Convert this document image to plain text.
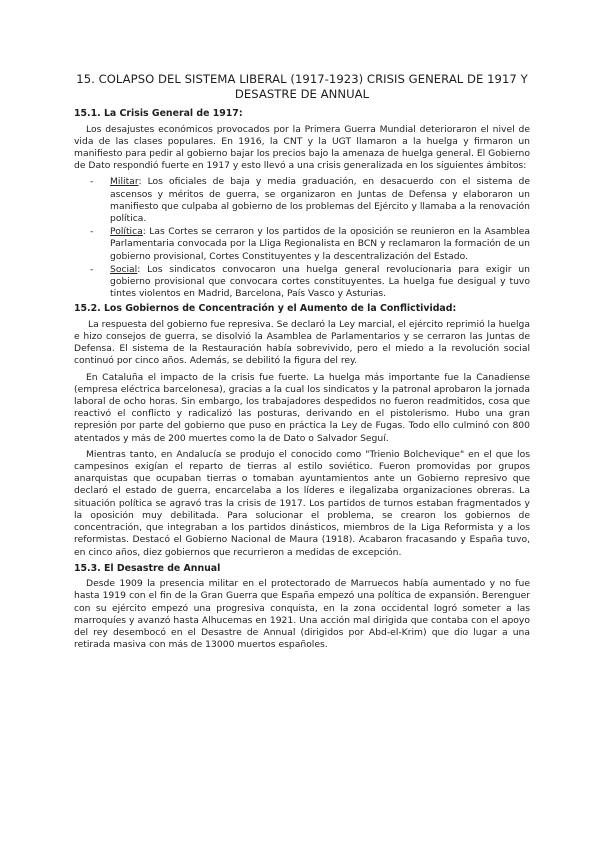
15. COLAPSO DEL SISTEMA LIBERAL (1917-1923) CRISIS GENERAL DE 1917 Y DESASTRE DE ANNUAL
15.1. La Crisis General de 1917:

Los desajustes económicos provocados por la Primera Guerra Mundial deterioraron el nivel de vida de las clases populares. En 1916, la CNT y la UGT llamaron a la huelga y firmaron un manifiesto para pedir al gobierno bajar los precios bajo la amenaza de huelga general. El Gobierno de Dato respondió fuerte en 1917 y esto llevó a una crisis generalizada en los siguientes ámbitos:

- Militar: Los oficiales de baja y media graduación, en desacuerdo con el sistema de ascensos y méritos de guerra, se organizaron en Juntas de Defensa y elaboraron un manifiesto que culpaba al gobierno de los problemas del Ejército y llamaba a la renovación política.
- Política: Las Cortes se cerraron y los partidos de la oposición se reunieron en la Asamblea Parlamentaria convocada por la Lliga Regionalista en BCN y reclamaron la formación de un gobierno provisional, Cortes Constituyentes y la descentralización del Estado.
- Social: Los sindicatos convocaron una huelga general revolucionaria para exigir un gobierno provisional que convocara cortes constituyentes. La huelga fue desigual y tuvo tintes violentos en Madrid, Barcelona, País Vasco y Asturias.
15.2. Los Gobiernos de Concentración y el Aumento de la Conflictividad:

La respuesta del gobierno fue represiva. Se declaró la Ley marcial, el ejército reprimió la huelga e hizo consejos de guerra, se disolvió la Asamblea de Parlamentarios y se cerraron las Juntas de Defensa. El sistema de la Restauración había sobrevivido, pero el miedo a la revolución social continuó por cinco años. Además, se debilitó la figura del rey.

En Cataluña el impacto de la crisis fue fuerte. La huelga más importante fue la Canadiense (empresa eléctrica barcelonesa), gracias a la cual los sindicatos y la patronal aprobaron la jornada laboral de ocho horas. Sin embargo, los trabajadores despedidos no fueron readmitidos, cosa que reactivó el conflicto y radicalizó las posturas, derivando en el pistolerismo. Hubo una gran represión por parte del gobierno que puso en práctica la Ley de Fugas. Todo ello culminó con 800 atentados y más de 200 muertes como la de Dato o Salvador Seguí.

Mientras tanto, en Andalucía se produjo el conocido como "Trienio Bolchevique" en el que los campesinos exigían el reparto de tierras al estilo soviético. Fueron promovidas por grupos anarquistas que ocupaban tierras o tomaban ayuntamientos ante un Gobierno represivo que declaró el estado de guerra, encarcelaba a los líderes e ilegalizaba organizaciones obreras. La situación política se agravó tras la crisis de 1917. Los partidos de turnos estaban fragmentados y la oposición muy debilitada. Para solucionar el problema, se crearon los gobiernos de concentración, que integraban a los partidos dinásticos, miembros de la Liga Reformista y a los reformistas. Destacó el Gobierno Nacional de Maura (1918). Acabaron fracasando y España tuvo, en cinco años, diez gobiernos que recurrieron a medidas de excepción.

15.3. El Desastre de Annual

Desde 1909 la presencia militar en el protectorado de Marruecos había aumentado y no fue hasta 1919 con el fin de la Gran Guerra que España empezó una política de expansión. Berenguer con su ejército empezó una progresiva conquista, en la zona occidental logró someter a las marroquíes y avanzó hasta Alhucemas en 1921. Una acción mal dirigida que contaba con el apoyo del rey desembocó en el Desastre de Annual (dirigidos por Abd-el-Krim) que dio lugar a una retirada masiva con más de 13000 muertos españoles.
